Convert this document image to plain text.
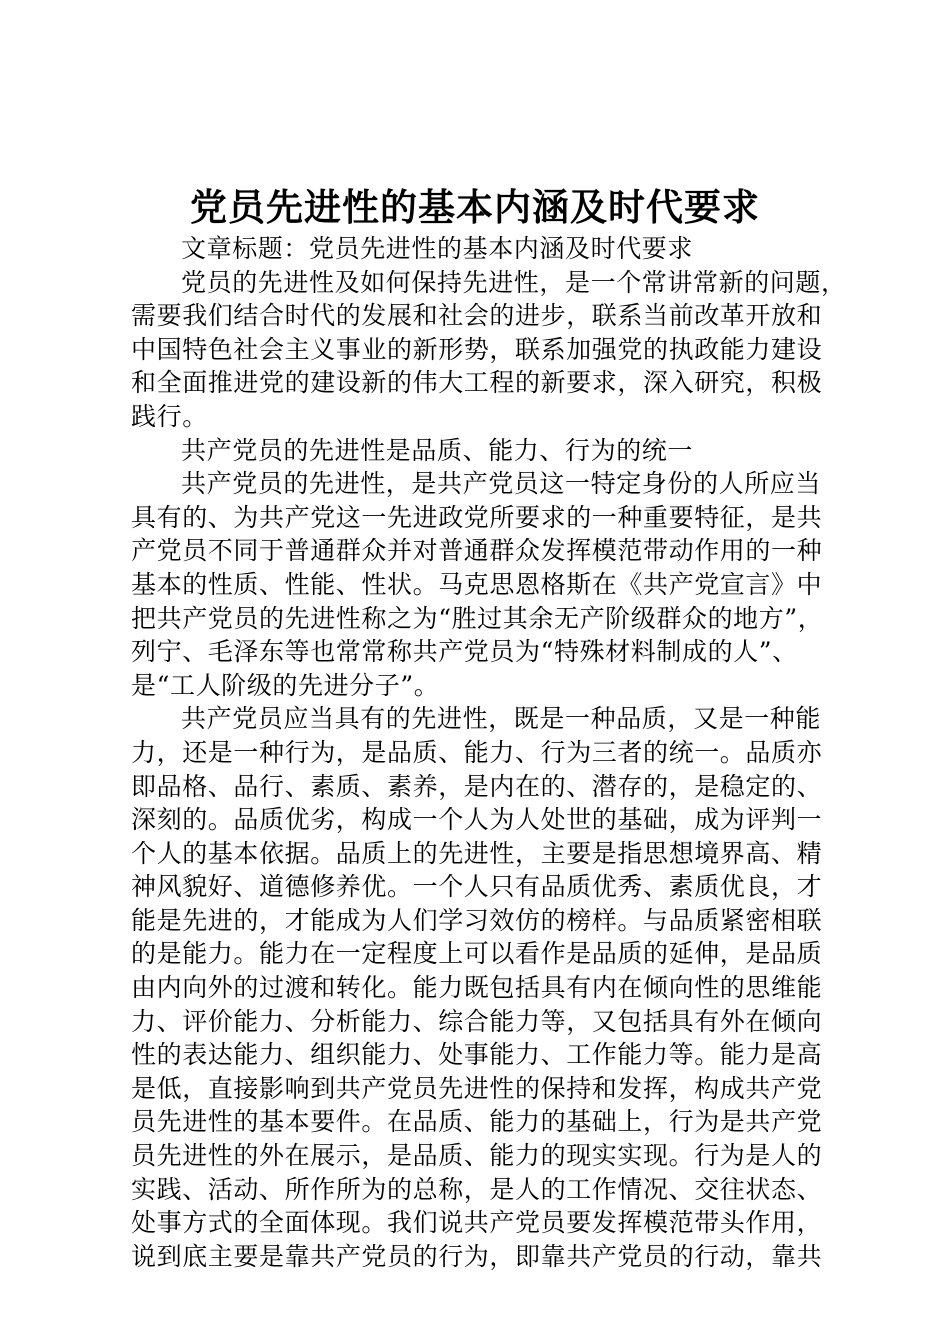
党员先进性的基本内涵及时代要求
文章标题：党员先进性的基本内涵及时代要求
党员的先进性及如何保持先进性，是一个常讲常新的问题，
需要我们结合时代的发展和社会的进步，联系当前改革开放和
中国特色社会主义事业的新形势，联系加强党的执政能力建设
和全面推进党的建设新的伟大工程的新要求，深入研究，积极
践行。
共产党员的先进性是品质、能力、行为的统一
共产党员的先进性，是共产党员这一特定身份的人所应当
具有的、为共产党这一先进政党所要求的一种重要特征，是共
产党员不同于普通群众并对普通群众发挥模范带动作用的一种
基本的性质、性能、性状。马克思恩格斯在《共产党宣言》中
把共产党员的先进性称之为“胜过其余无产阶级群众的地方”，
列宁、毛泽东等也常常称共产党员为“特殊材料制成的人”、
是“工人阶级的先进分子”。
共产党员应当具有的先进性，既是一种品质，又是一种能
力，还是一种行为，是品质、能力、行为三者的统一。品质亦
即品格、品行、素质、素养，是内在的、潜存的，是稳定的、
深刻的。品质优劣，构成一个人为人处世的基础，成为评判一
个人的基本依据。品质上的先进性，主要是指思想境界高、精
神风貌好、道德修养优。一个人只有品质优秀、素质优良，才
能是先进的，才能成为人们学习效仿的榜样。与品质紧密相联
的是能力。能力在一定程度上可以看作是品质的延伸，是品质
由内向外的过渡和转化。能力既包括具有内在倾向性的思维能
力、评价能力、分析能力、综合能力等，又包括具有外在倾向
性的表达能力、组织能力、处事能力、工作能力等。能力是高
是低，直接影响到共产党员先进性的保持和发挥，构成共产党
员先进性的基本要件。在品质、能力的基础上，行为是共产党
员先进性的外在展示，是品质、能力的现实实现。行为是人的
实践、活动、所作所为的总称，是人的工作情况、交往状态、
处事方式的全面体现。我们说共产党员要发挥模范带头作用，
说到底主要是靠共产党员的行为，即靠共产党员的行动，靠共
